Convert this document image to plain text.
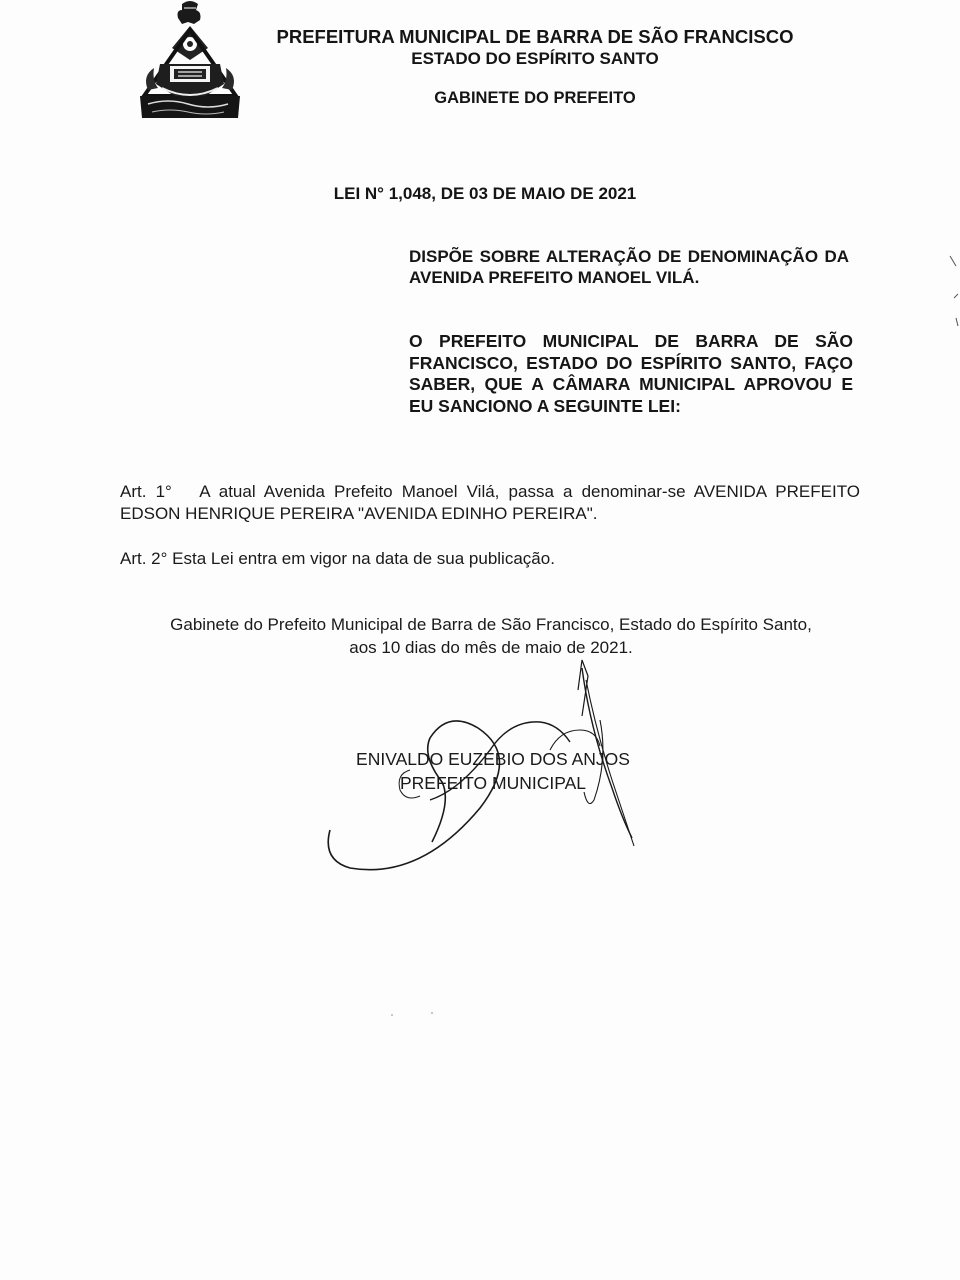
PREFEITURA MUNICIPAL DE BARRA DE SÃO FRANCISCO
ESTADO DO ESPÍRITO SANTO
GABINETE DO PREFEITO
LEI N° 1,048, DE 03 DE MAIO DE 2021
DISPÕE SOBRE ALTERAÇÃO DE DENOMINAÇÃO DA AVENIDA PREFEITO MANOEL VILÁ.
O PREFEITO MUNICIPAL DE BARRA DE SÃO FRANCISCO, ESTADO DO ESPÍRITO SANTO, FAÇO SABER, QUE A CÂMARA MUNICIPAL APROVOU E EU SANCIONO A SEGUINTE LEI:
Art. 1° A atual Avenida Prefeito Manoel Vilá, passa a denominar-se AVENIDA PREFEITO EDSON HENRIQUE PEREIRA "AVENIDA EDINHO PEREIRA".
Art. 2° Esta Lei entra em vigor na data de sua publicação.
Gabinete do Prefeito Municipal de Barra de São Francisco, Estado do Espírito Santo,
aos 10 dias do mês de maio de 2021.
ENIVALDO EUZÉBIO DOS ANJOS
PREFEITO MUNICIPAL
